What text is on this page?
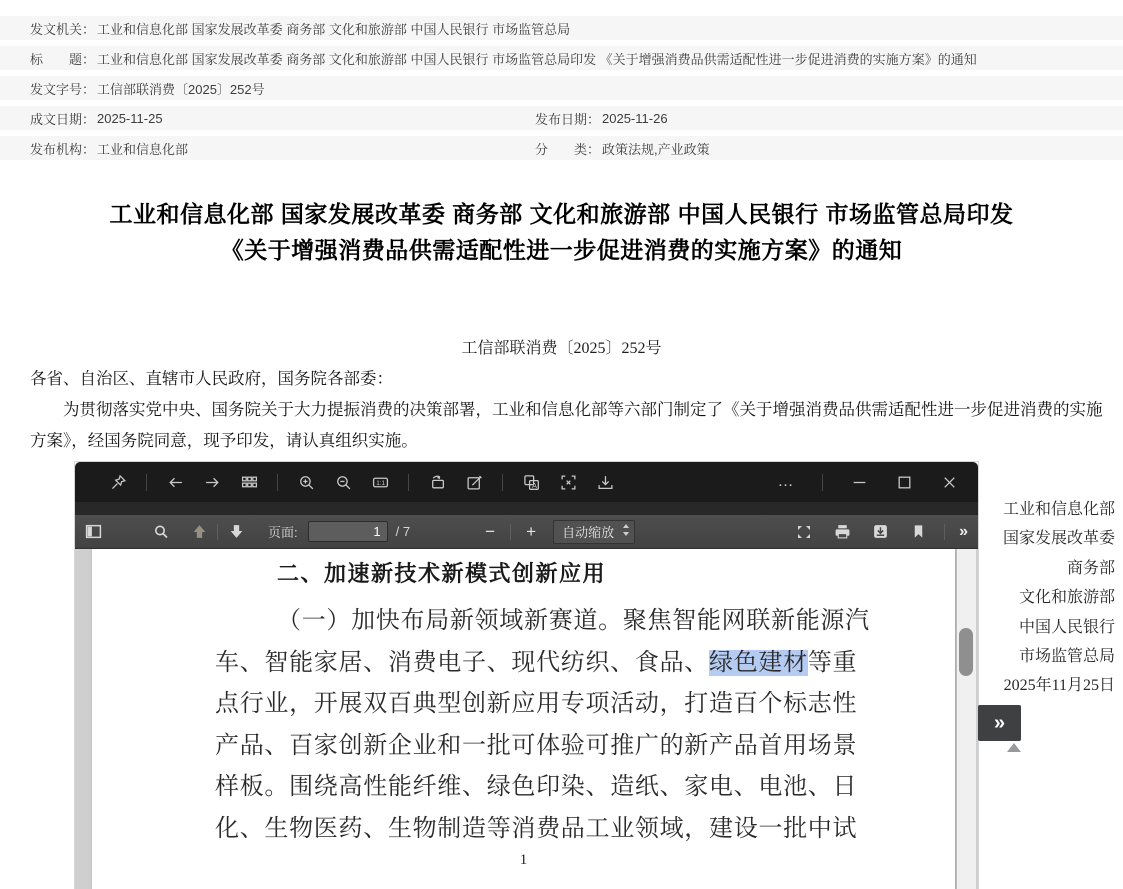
发文机关： 工业和信息化部 国家发展改革委 商务部 文化和旅游部 中国人民银行 市场监管总局
标　　题： 工业和信息化部 国家发展改革委 商务部 文化和旅游部 中国人民银行 市场监管总局印发 《关于增强消费品供需适配性进一步促进消费的实施方案》的通知
发文字号： 工信部联消费〔2025〕252号
成文日期： 2025-11-25	发布日期： 2025-11-26
发布机构： 工业和信息化部	分　　类： 政策法规,产业政策
工业和信息化部 国家发展改革委 商务部 文化和旅游部 中国人民银行 市场监管总局印发
《关于增强消费品供需适配性进一步促进消费的实施方案》的通知
工信部联消费〔2025〕252号
各省、自治区、直辖市人民政府，国务院各部委：
为贯彻落实党中央、国务院关于大力提振消费的决策部署，工业和信息化部等六部门制定了《关于增强消费品供需适配性进一步促进消费的实施方案》，经国务院同意，现予印发，请认真组织实施。
1:1	A	…
页面:
1	/ 7	− +	自动缩放	»
二、加速新技术新模式创新应用
（一）加快布局新领域新赛道。聚焦智能网联新能源汽
车、智能家居、消费电子、现代纺织、食品、绿色建材等重
点行业，开展双百典型创新应用专项活动，打造百个标志性
产品、百家创新企业和一批可体验可推广的新产品首用场景
样板。围绕高性能纤维、绿色印染、造纸、家电、电池、日
化、生物医药、生物制造等消费品工业领域，建设一批中试
1
工业和信息化部
国家发展改革委
商务部
文化和旅游部
中国人民银行
市场监管总局
2025年11月25日
»
